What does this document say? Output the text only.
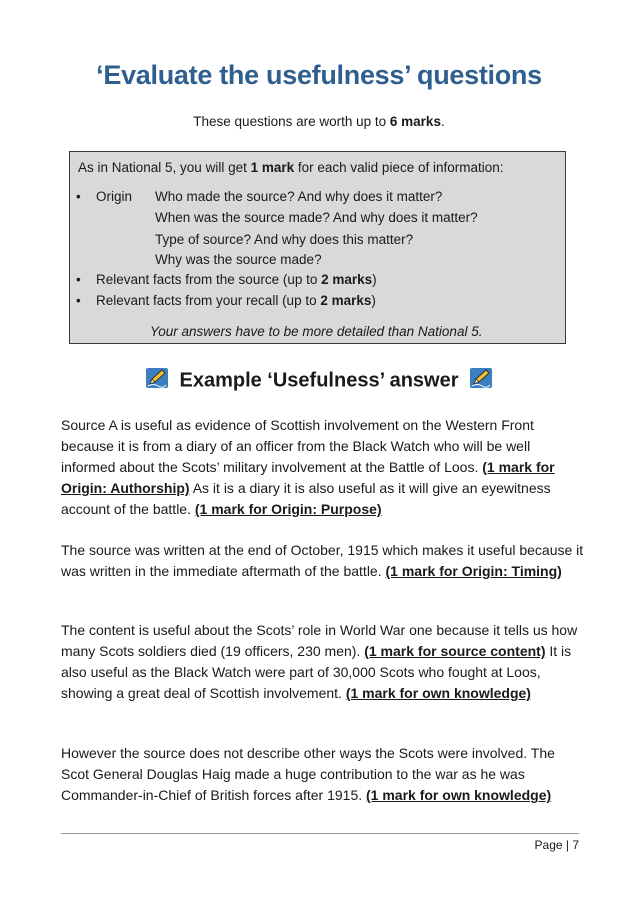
‘Evaluate the usefulness’ questions
These questions are worth up to 6 marks.
As in National 5, you will get 1 mark for each valid piece of information:
• Origin Who made the source? And why does it matter?
When was the source made? And why does it matter?
Type of source? And why does this matter?
Why was the source made?
• Relevant facts from the source (up to 2 marks)
• Relevant facts from your recall (up to 2 marks)
Your answers have to be more detailed than National 5.
Example ‘Usefulness’ answer
Source A is useful as evidence of Scottish involvement on the Western Front because it is from a diary of an officer from the Black Watch who will be well informed about the Scots’ military involvement at the Battle of Loos. (1 mark for Origin: Authorship) As it is a diary it is also useful as it will give an eyewitness account of the battle. (1 mark for Origin: Purpose)
The source was written at the end of October, 1915 which makes it useful because it was written in the immediate aftermath of the battle. (1 mark for Origin: Timing)
The content is useful about the Scots’ role in World War one because it tells us how many Scots soldiers died (19 officers, 230 men). (1 mark for source content) It is also useful as the Black Watch were part of 30,000 Scots who fought at Loos, showing a great deal of Scottish involvement. (1 mark for own knowledge)
However the source does not describe other ways the Scots were involved. The Scot General Douglas Haig made a huge contribution to the war as he was Commander-in-Chief of British forces after 1915. (1 mark for own knowledge)
Page | 7
